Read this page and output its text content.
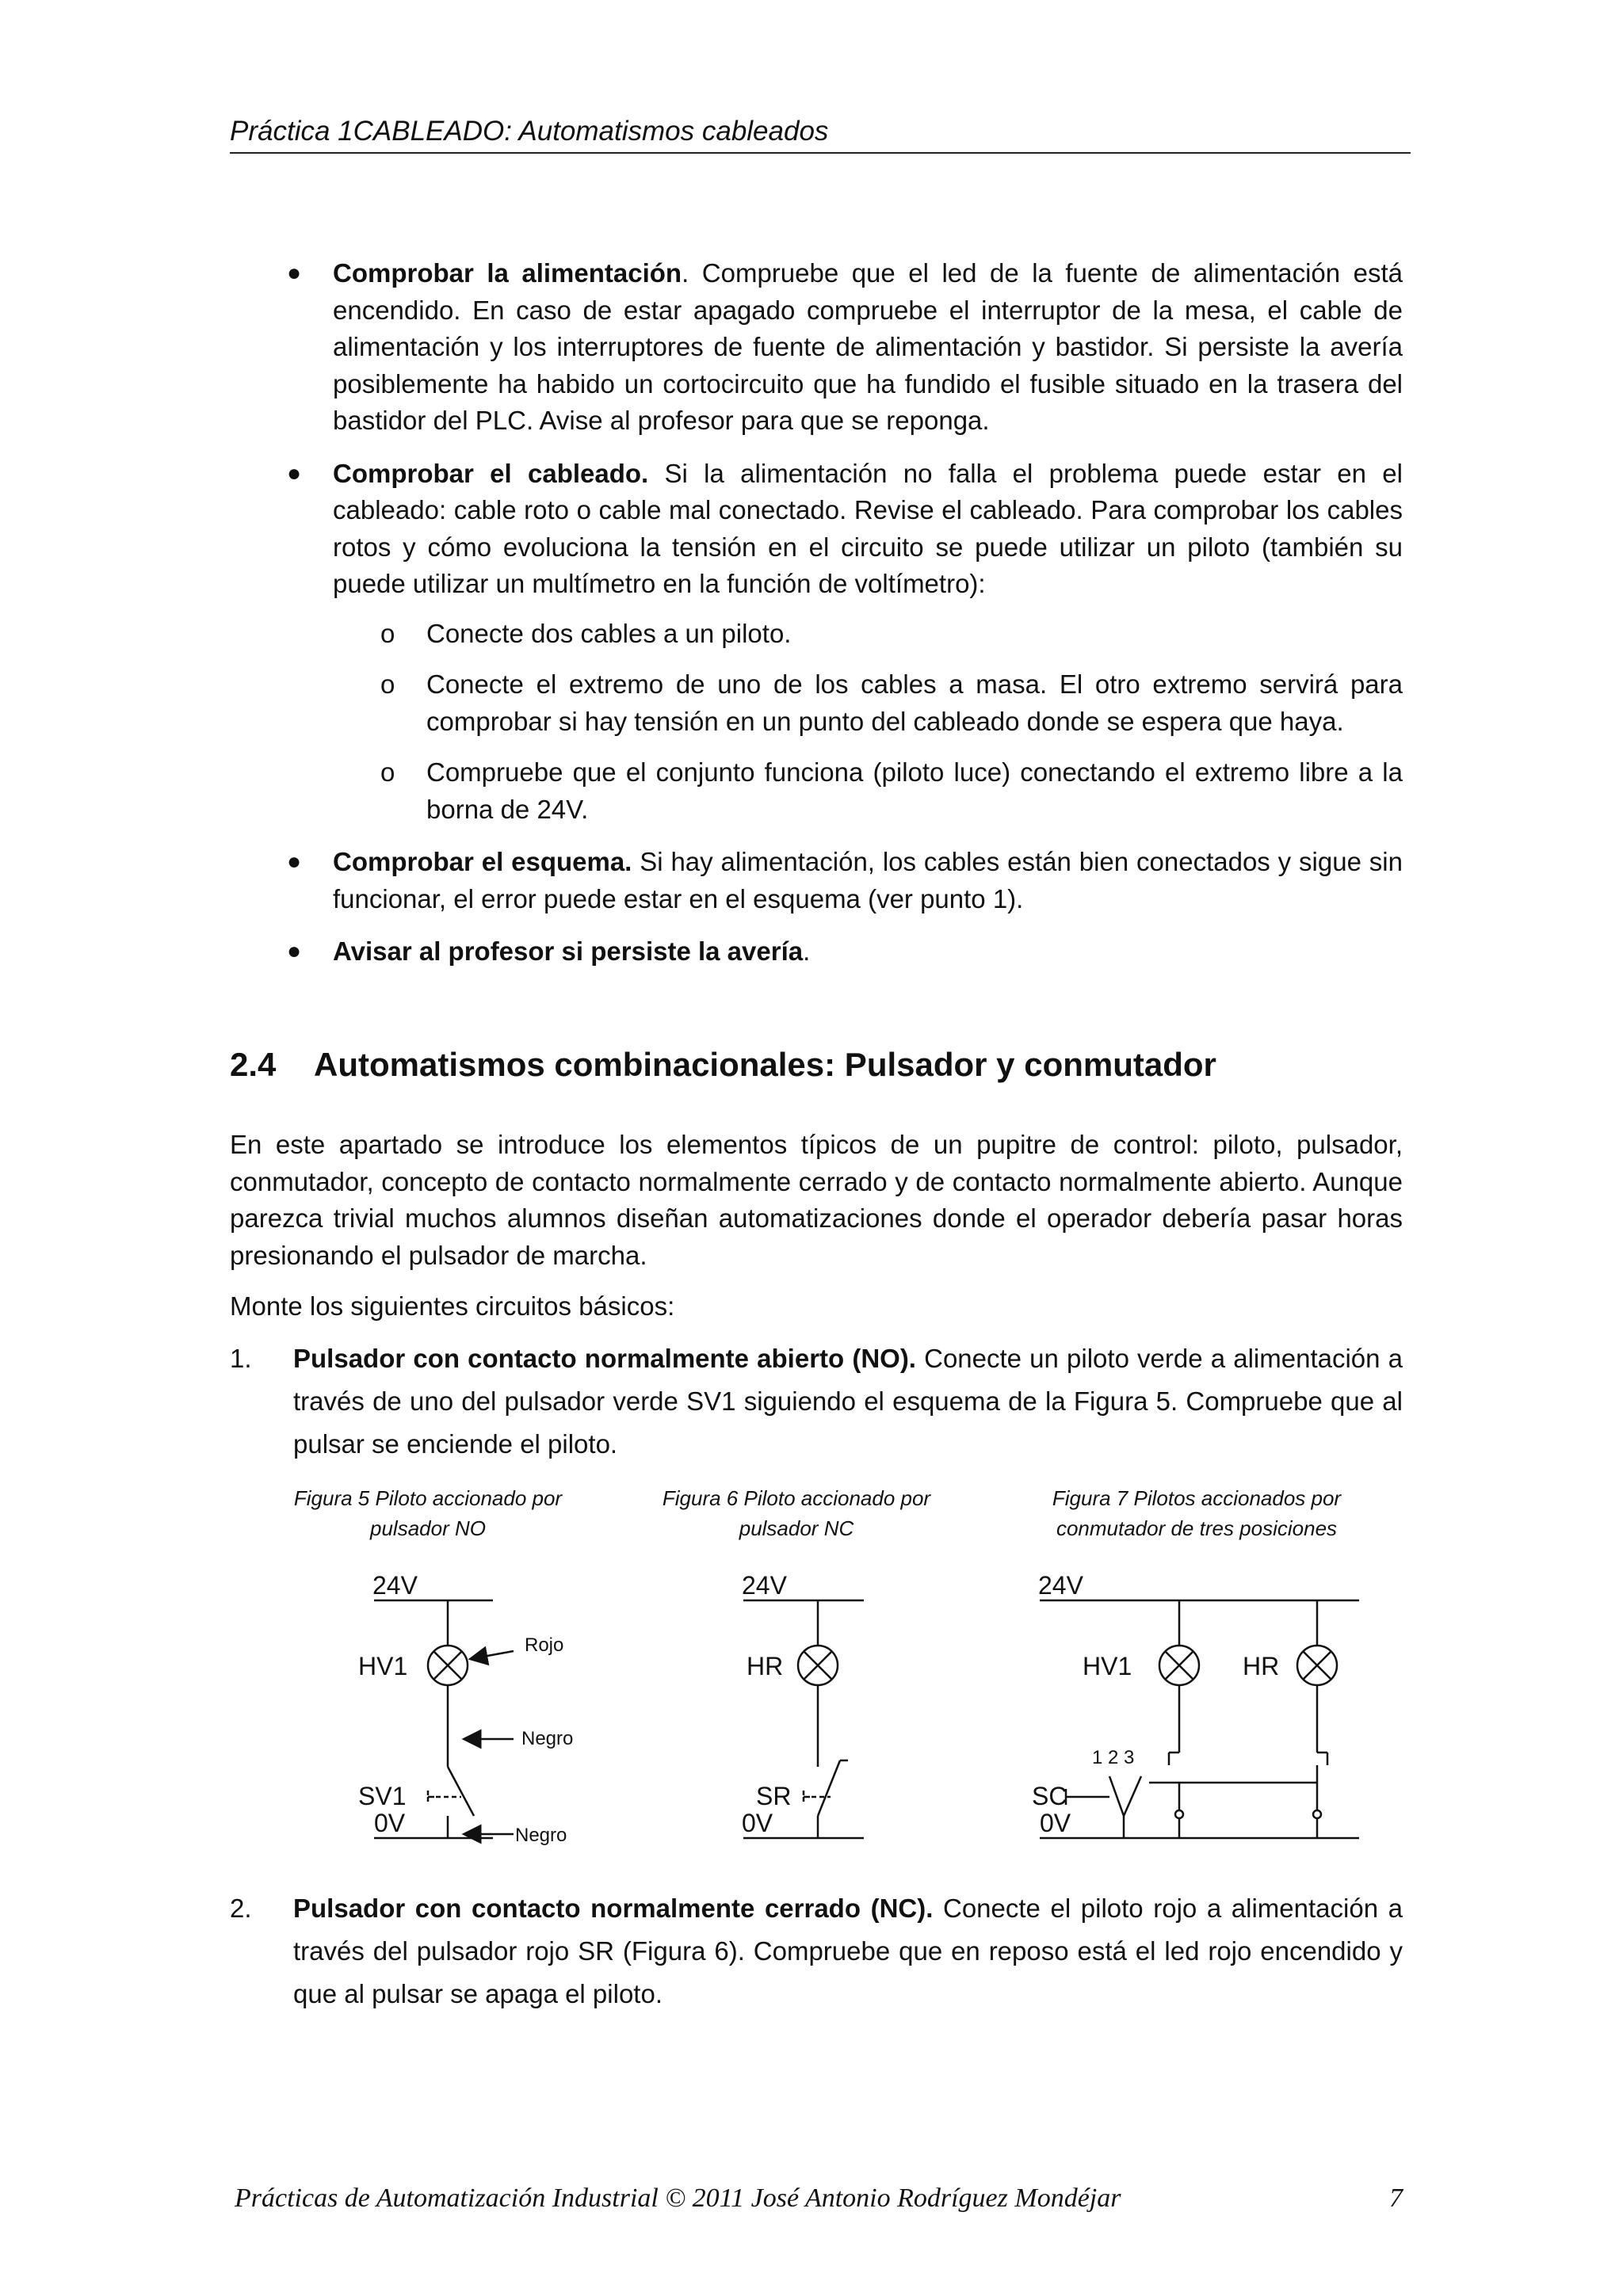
Práctica 1CABLEADO: Automatismos cableados
● Comprobar la alimentación. Compruebe que el led de la fuente de alimentación está encendido. En caso de estar apagado compruebe el interruptor de la mesa, el cable de alimentación y los interruptores de fuente de alimentación y bastidor. Si persiste la avería posiblemente ha habido un cortocircuito que ha fundido el fusible situado en la trasera del bastidor del PLC. Avise al profesor para que se reponga.
● Comprobar el cableado. Si la alimentación no falla el problema puede estar en el cableado: cable roto o cable mal conectado. Revise el cableado. Para comprobar los cables rotos y cómo evoluciona la tensión en el circuito se puede utilizar un piloto (también su puede utilizar un multímetro en la función de voltímetro):
o Conecte dos cables a un piloto.
o Conecte el extremo de uno de los cables a masa. El otro extremo servirá para comprobar si hay tensión en un punto del cableado donde se espera que haya.
o Compruebe que el conjunto funciona (piloto luce) conectando el extremo libre a la borna de 24V.
● Comprobar el esquema. Si hay alimentación, los cables están bien conectados y sigue sin funcionar, el error puede estar en el esquema (ver punto 1).
● Avisar al profesor si persiste la avería.
2.4 Automatismos combinacionales: Pulsador y conmutador

En este apartado se introduce los elementos típicos de un pupitre de control: piloto, pulsador, conmutador, concepto de contacto normalmente cerrado y de contacto normalmente abierto. Aunque parezca trivial muchos alumnos diseñan automatizaciones donde el operador debería pasar horas presionando el pulsador de marcha.

Monte los siguientes circuitos básicos:

1. Pulsador con contacto normalmente abierto (NO). Conecte un piloto verde a alimentación a través de uno del pulsador verde SV1 siguiendo el esquema de la Figura 5. Compruebe que al pulsar se enciende el piloto.
Figura 5 Piloto accionado por
pulsador NO
Figura 6 Piloto accionado por
pulsador NC
Figura 7 Pilotos accionados por
conmutador de tres posiciones
24V
HV1
Rojo
Negro
SV1
0V	Negro
24V
HR
SR
0V
24V
HV1	HR
1 2 3
SC
0V
2. Pulsador con contacto normalmente cerrado (NC). Conecte el piloto rojo a alimentación a través del pulsador rojo SR (Figura 6). Compruebe que en reposo está el led rojo encendido y que al pulsar se apaga el piloto.
Prácticas de Automatización Industrial © 2011 José Antonio Rodríguez Mondéjar	7
